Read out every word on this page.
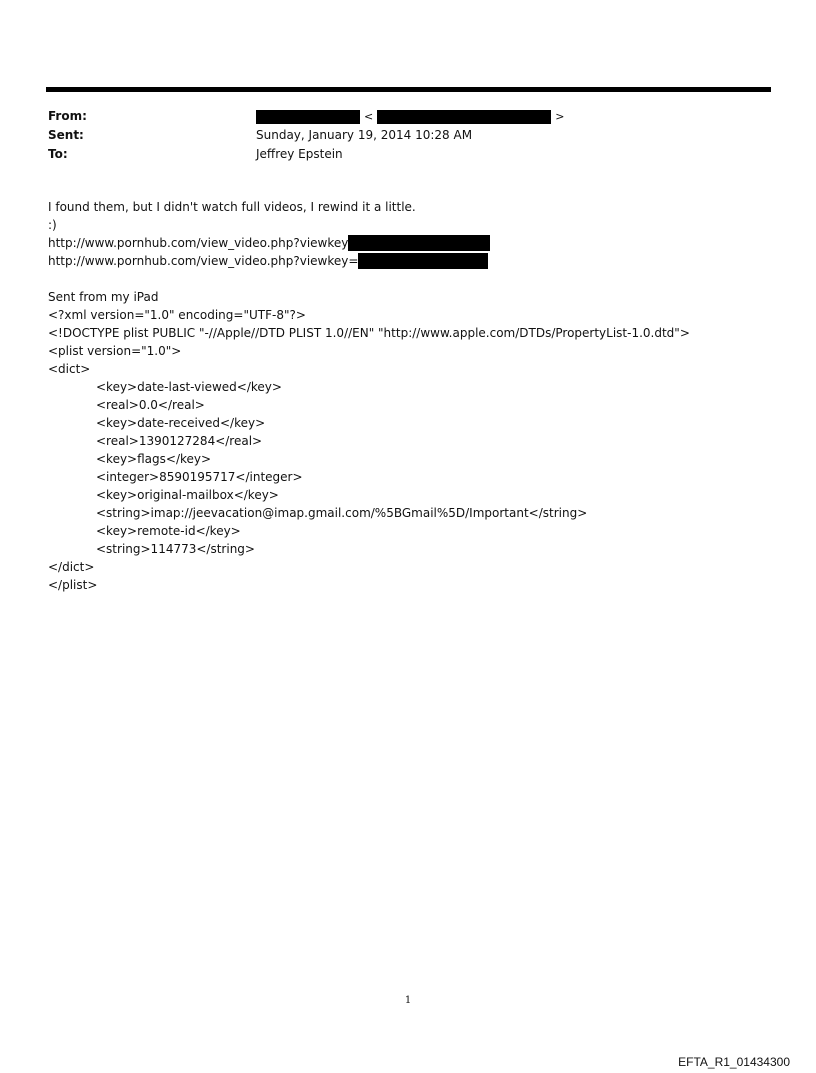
From:	<	>
Sent:	Sunday, January 19, 2014 10:28 AM
To:	Jeffrey Epstein
I found them, but I didn't watch full videos, I rewind it a little.
:)
http://www.pornhub.com/view_video.php?viewkey
http://www.pornhub.com/view_video.php?viewkey=
Sent from my iPad
<?xml version="1.0" encoding="UTF-8"?>
<!DOCTYPE plist PUBLIC "-//Apple//DTD PLIST 1.0//EN" "http://www.apple.com/DTDs/PropertyList-1.0.dtd">
<plist version="1.0">
<dict>
<key>date-last-viewed</key>
<real>0.0</real>
<key>date-received</key>
<real>1390127284</real>
<key>flags</key>
<integer>8590195717</integer>
<key>original-mailbox</key>
<string>imap://jeevacation@imap.gmail.com/%5BGmail%5D/Important</string>
<key>remote-id</key>
<string>114773</string>
</dict>
</plist>
1
EFTA_R1_01434300
